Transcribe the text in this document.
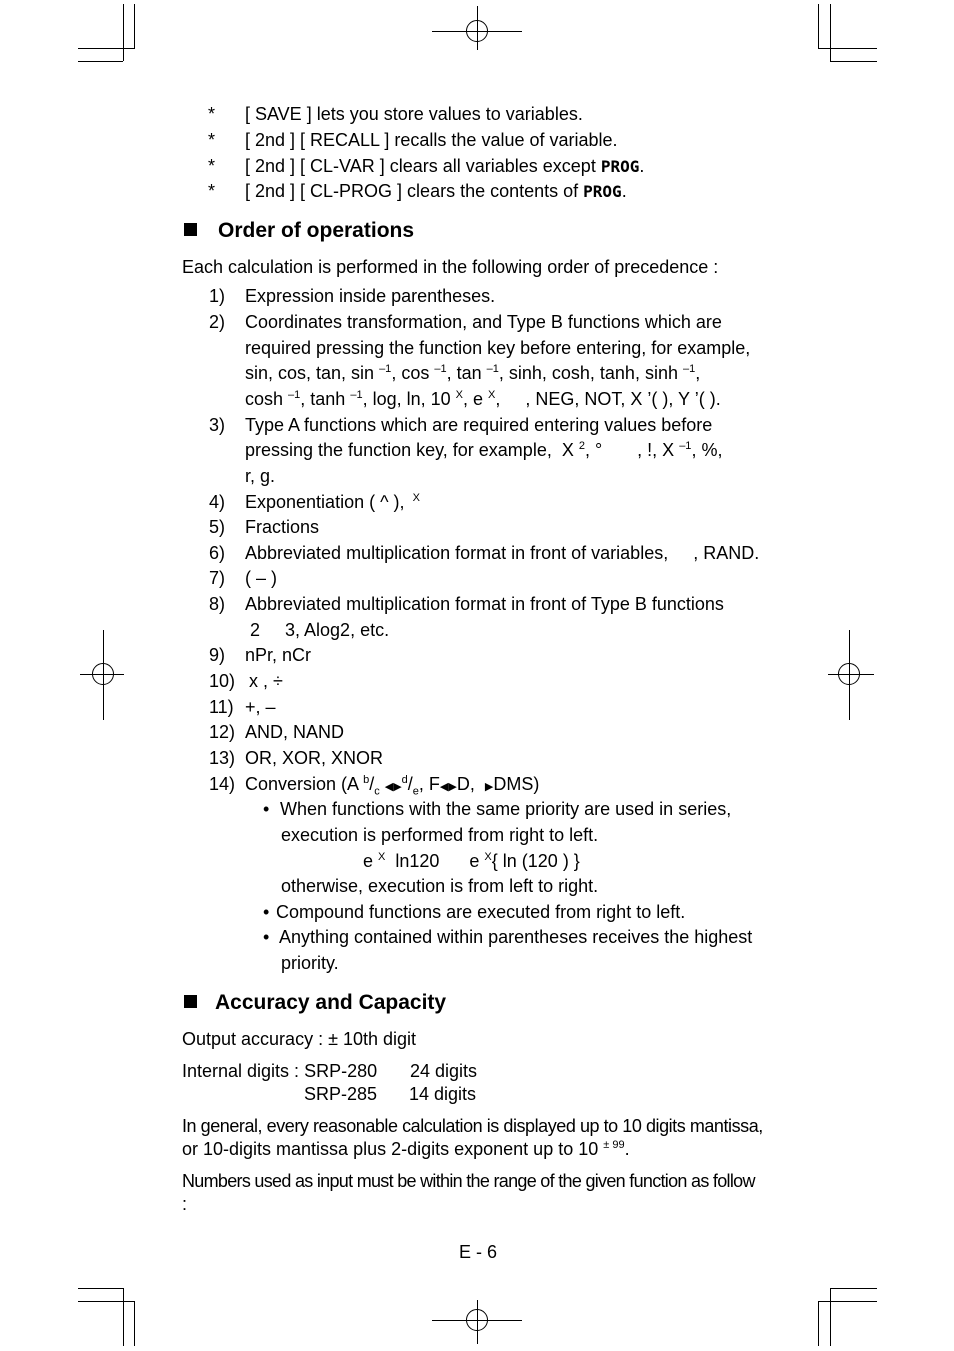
* [ SAVE ] lets you store values to variables.
* [ 2nd ] [ RECALL ] recalls the value of variable.
* [ 2nd ] [ CL-VAR ] clears all variables except PROG.
* [ 2nd ] [ CL-PROG ] clears the contents of PROG.
Order of operations
Each calculation is performed in the following order of precedence :
1) Expression inside parentheses.
2) Coordinates transformation, and Type B functions which are
required pressing the function key before entering, for example,
sin, cos, tan, sin $^{-1}$, cos $^{-1}$, tan $^{-1}$, sinh, cosh, tanh, sinh $^{-1}$,
cosh $^{-1}$, tanh $^{-1}$, log, ln, 10 $^X$, e $^X$,     , NEG, NOT, X ’( ), Y ’( ).
3) Type A functions which are required entering values before
pressing the function key, for example,  X $^2$, °       , !, X $^{-1}$, %,
r, g.
4) Exponentiation ( ^ ),  $^X$
5) Fractions
6) Abbreviated multiplication format in front of variables, , RAND.
7) ( – )
8) Abbreviated multiplication format in front of Type B functions
2     3, Alog2, etc.
9) nPr, nCr
10) x , ÷
11) +, –
12) AND, NAND
13) OR, XOR, XNOR
14) Conversion (A $^b/_c$ $◀▶^d/_e$, F◀▶D,  ▶DMS)
• When functions with the same priority are used in series,
execution is performed from right to left.
e $^X$  ln120      e $^X${ ln (120 ) }
otherwise, execution is from left to right.
• Compound functions are executed from right to left.
• Anything contained within parentheses receives the highest
priority.
Accuracy and Capacity
Output accuracy : ± 10th digit
Internal digits : SRP-280 24 digits
SRP-285 14 digits
In general, every reasonable calculation is displayed up to 10 digits mantissa,
or 10-digits mantissa plus 2-digits exponent up to 10 $^{\pm 99}$.
Numbers used as input must be within the range of the given function as follow
:
E - 6
